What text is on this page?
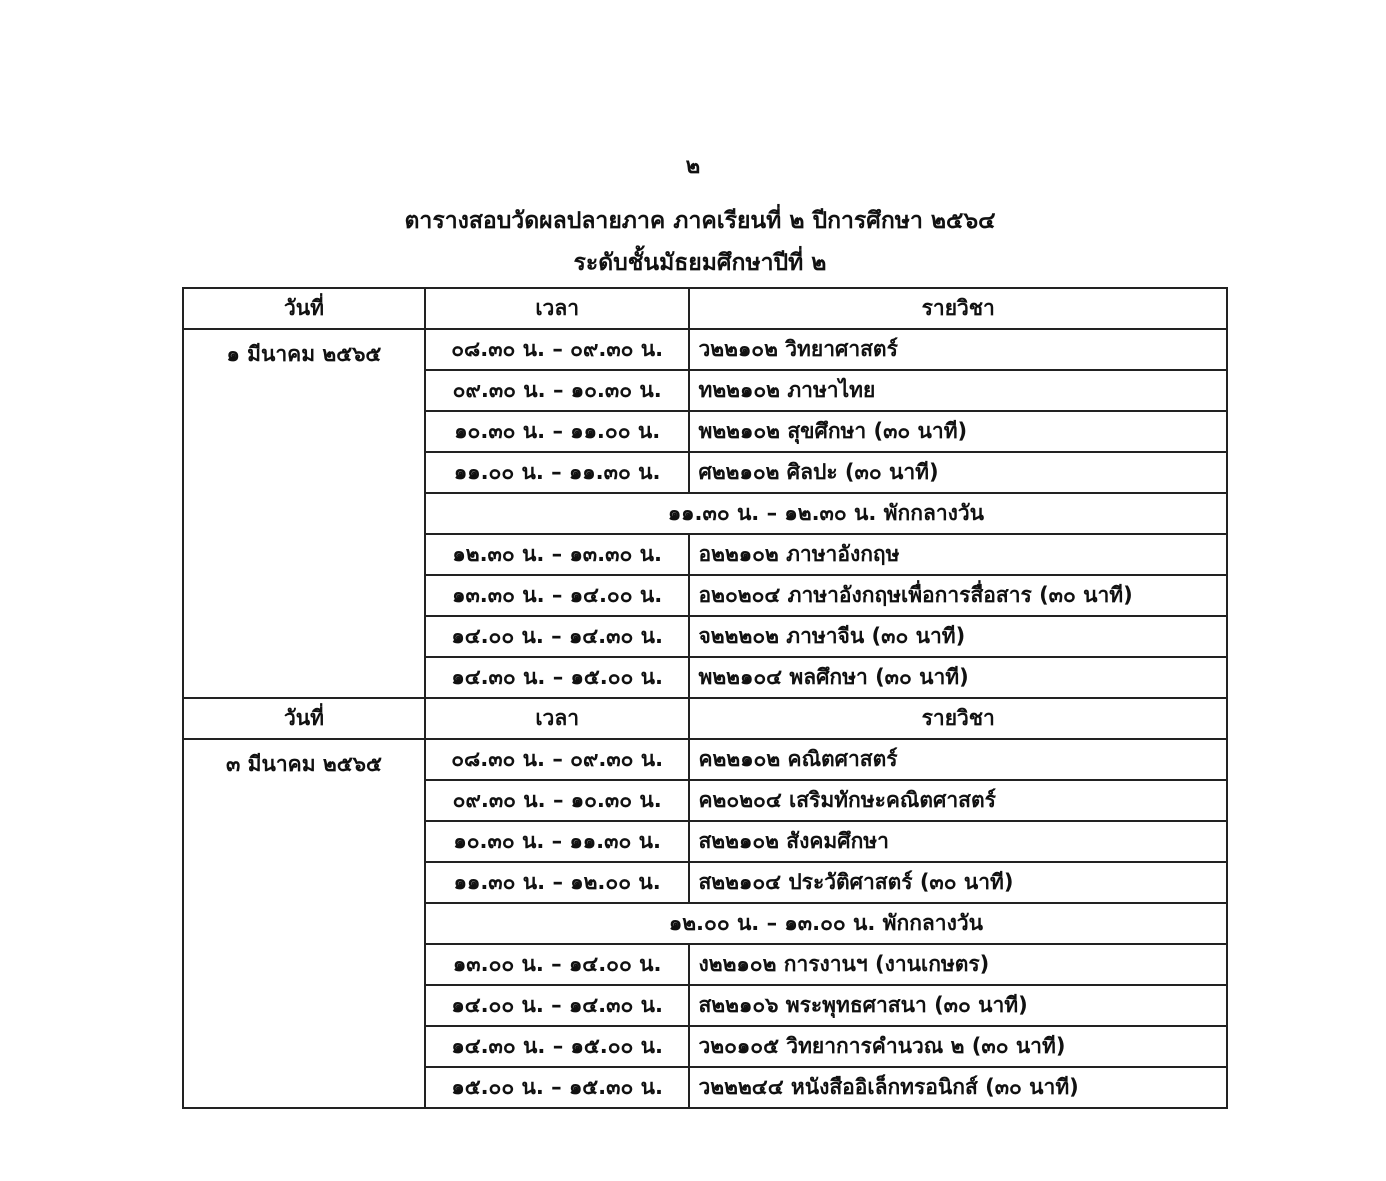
๒
ตารางสอบวัดผลปลายภาค ภาคเรียนที่ ๒ ปีการศึกษา ๒๕๖๔
ระดับชั้นมัธยมศึกษาปีที่ ๒
วันที่	เวลา	รายวิชา
๑ มีนาคม ๒๕๖๕	๐๘.๓๐ น. – ๐๙.๓๐ น.	ว๒๒๑๐๒ วิทยาศาสตร์
	๐๙.๓๐ น. – ๑๐.๓๐ น.	ท๒๒๑๐๒ ภาษาไทย
	๑๐.๓๐ น. – ๑๑.๐๐ น.	พ๒๒๑๐๒ สุขศึกษา (๓๐ นาที)
	๑๑.๐๐ น. – ๑๑.๓๐ น.	ศ๒๒๑๐๒ ศิลปะ (๓๐ นาที)
	๑๑.๓๐ น. – ๑๒.๓๐ น. พักกลางวัน	
	๑๒.๓๐ น. – ๑๓.๓๐ น.	อ๒๒๑๐๒ ภาษาอังกฤษ
	๑๓.๓๐ น. – ๑๔.๐๐ น.	อ๒๐๒๐๔ ภาษาอังกฤษเพื่อการสื่อสาร (๓๐ นาที)
	๑๔.๐๐ น. – ๑๔.๓๐ น.	จ๒๒๒๐๒ ภาษาจีน (๓๐ นาที)
	๑๔.๓๐ น. – ๑๕.๐๐ น.	พ๒๒๑๐๔ พลศึกษา (๓๐ นาที)
วันที่	เวลา	รายวิชา
๓ มีนาคม ๒๕๖๕	๐๘.๓๐ น. – ๐๙.๓๐ น.	ค๒๒๑๐๒ คณิตศาสตร์
	๐๙.๓๐ น. – ๑๐.๓๐ น.	ค๒๐๒๐๔ เสริมทักษะคณิตศาสตร์
	๑๐.๓๐ น. – ๑๑.๓๐ น.	ส๒๒๑๐๒ สังคมศึกษา
	๑๑.๓๐ น. – ๑๒.๐๐ น.	ส๒๒๑๐๔ ประวัติศาสตร์ (๓๐ นาที)
	๑๒.๐๐ น. – ๑๓.๐๐ น. พักกลางวัน	
	๑๓.๐๐ น. – ๑๔.๐๐ น.	ง๒๒๑๐๒ การงานฯ (งานเกษตร)
	๑๔.๐๐ น. – ๑๔.๓๐ น.	ส๒๒๑๐๖ พระพุทธศาสนา (๓๐ นาที)
	๑๔.๓๐ น. – ๑๕.๐๐ น.	ว๒๐๑๐๕ วิทยาการคำนวณ ๒ (๓๐ นาที)
	๑๕.๐๐ น. – ๑๕.๓๐ น.	ว๒๒๒๔๔ หนังสืออิเล็กทรอนิกส์ (๓๐ นาที)
